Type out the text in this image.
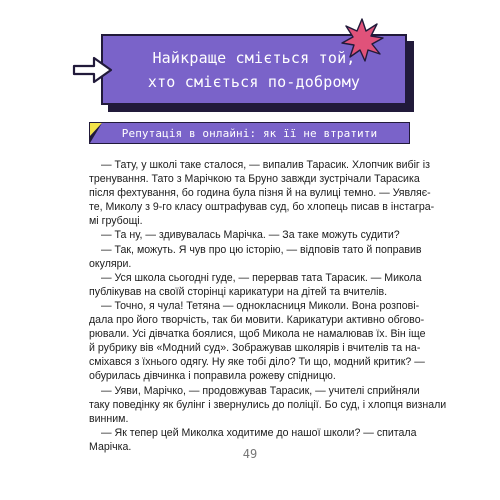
Найкраще сміється той,
хто сміється по-доброму
Репутація в онлайні: як її не втратити

— Тату, у школі таке сталося, — випалив Тарасик. Хлопчик вибіг із
тренування. Тато з Марічкою та Бруно завжди зустрічали Тарасика
після фехтування, бо година була пізня й на вулиці темно. — Уявляє-
те, Миколу з 9-го класу оштрафував суд, бо хлопець писав в інстагра-
мі грубощі.

— Та ну, — здивувалась Марічка. — За таке можуть судити?

— Так, можуть. Я чув про цю історію, — відповів тато й поправив
окуляри.

— Уся школа сьогодні гуде, — перервав тата Тарасик. — Микола
публікував на своїй сторінці карикатури на дітей та вчителів.

— Точно, я чула! Тетяна — однокласниця Миколи. Вона розпові-
дала про його творчість, так би мовити. Карикатури активно обгово-
рювали. Усі дівчатка боялися, щоб Микола не намалював їх. Він іще
й рубрику вів «Модний суд». Зображував школярів і вчителів та на-
сміхався з їхнього одягу. Ну яке тобі діло? Ти що, модний критик? —
обурилась дівчинка і поправила рожеву спідницю.

— Уяви, Марічко, — продовжував Тарасик, — учителі сприйняли
таку поведінку як булінг і звернулись до поліції. Бо суд, і хлопця визнали
винним.

— Як тепер цей Миколка ходитиме до нашої школи? — спитала
Марічка.

49
